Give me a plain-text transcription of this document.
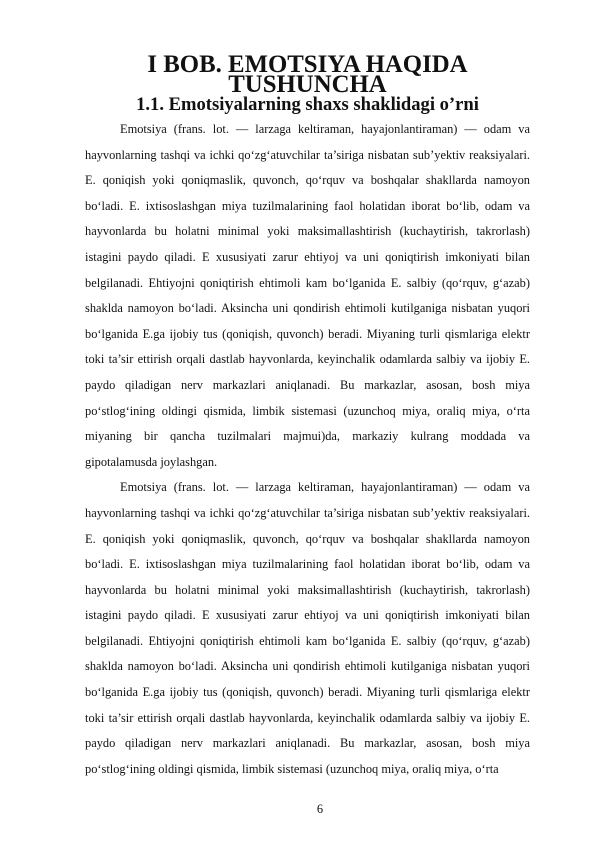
I BOB. EMOTSIYA HAQIDA TUSHUNCHA
1.1. Emotsiyalarning shaxs shaklidagi o’rni

Emotsiya (frans. lot. — larzaga keltiraman, hayajonlantiraman) — odam va hayvonlarning tashqi va ichki qo‘zg‘atuvchilar ta’siriga nisbatan sub’yektiv reaksiyalari. E. qoniqish yoki qoniqmaslik, quvonch, qo‘rquv va boshqalar shakllarda namoyon bo‘ladi. E. ixtisoslashgan miya tuzilmalarining faol holatidan iborat bo‘lib, odam va hayvonlarda bu holatni minimal yoki maksimallashtirish (kuchaytirish, takrorlash) istagini paydo qiladi. E xususiyati zarur ehtiyoj va uni qoniqtirish imkoniyati bilan belgilanadi. Ehtiyojni qoniqtirish ehtimoli kam bo‘lganida E. salbiy (qo‘rquv, g‘azab) shaklda namoyon bo‘ladi. Aksincha uni qondirish ehtimoli kutilganiga nisbatan yuqori bo‘lganida E.ga ijobiy tus (qoniqish, quvonch) beradi. Miyaning turli qismlariga elektr toki ta’sir ettirish orqali dastlab hayvonlarda, keyinchalik odamlarda salbiy va ijobiy E. paydo qiladigan nerv markazlari aniqlanadi. Bu markazlar, asosan, bosh miya po‘stlog‘ining oldingi qismida, limbik sistemasi (uzunchoq miya, oraliq miya, o‘rta miyaning bir qancha tuzilmalari majmui)da, markaziy kulrang moddada va gipotalamusda joylashgan.

Emotsiya (frans. lot. — larzaga keltiraman, hayajonlantiraman) — odam va hayvonlarning tashqi va ichki qo‘zg‘atuvchilar ta’siriga nisbatan sub’yektiv reaksiyalari. E. qoniqish yoki qoniqmaslik, quvonch, qo‘rquv va boshqalar shakllarda namoyon bo‘ladi. E. ixtisoslashgan miya tuzilmalarining faol holatidan iborat bo‘lib, odam va hayvonlarda bu holatni minimal yoki maksimallashtirish (kuchaytirish, takrorlash) istagini paydo qiladi. E xususiyati zarur ehtiyoj va uni qoniqtirish imkoniyati bilan belgilanadi. Ehtiyojni qoniqtirish ehtimoli kam bo‘lganida E. salbiy (qo‘rquv, g‘azab) shaklda namoyon bo‘ladi. Aksincha uni qondirish ehtimoli kutilganiga nisbatan yuqori bo‘lganida E.ga ijobiy tus (qoniqish, quvonch) beradi. Miyaning turli qismlariga elektr toki ta’sir ettirish orqali dastlab hayvonlarda, keyinchalik odamlarda salbiy va ijobiy E. paydo qiladigan nerv markazlari aniqlanadi. Bu markazlar, asosan, bosh miya po‘stlog‘ining oldingi qismida, limbik sistemasi (uzunchoq miya, oraliq miya, o‘rta

6
